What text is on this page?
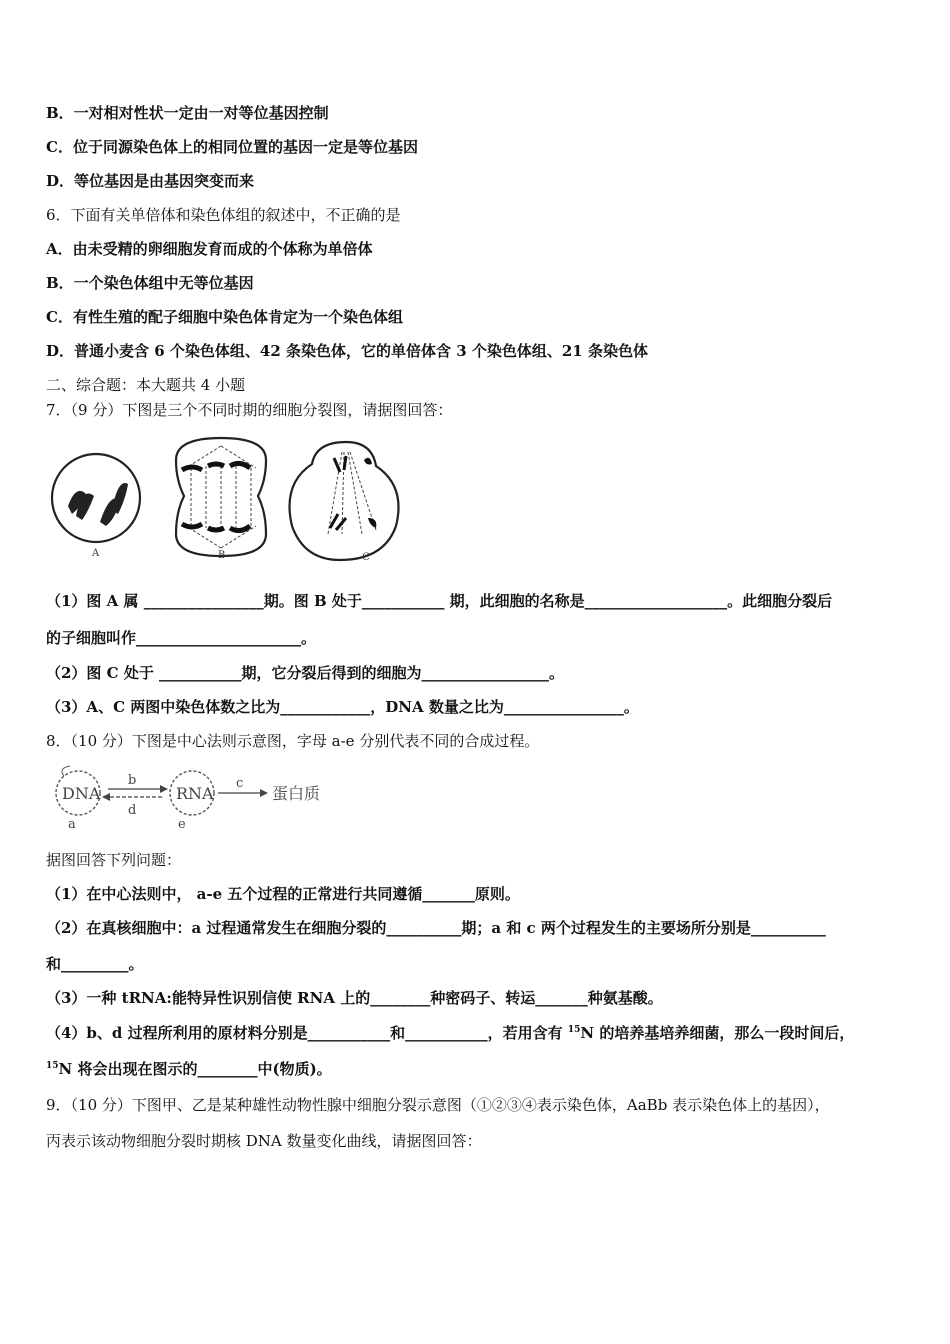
B．一对相对性状一定由一对等位基因控制
C．位于同源染色体上的相同位置的基因一定是等位基因
D．等位基因是由基因突变而来
6．下面有关单倍体和染色体组的叙述中，不正确的是
A．由未受精的卵细胞发育而成的个体称为单倍体
B．一个染色体组中无等位基因
C．有性生殖的配子细胞中染色体肯定为一个染色体组
D．普通小麦含 6 个染色体组、42 条染色体，它的单倍体含 3 个染色体组、21 条染色体
二、综合题：本大题共 4 小题
7．（9 分）下图是三个不同时期的细胞分裂图，请据图回答：
A	B	C
（1）图 A 属 ________________期。图 B 处于___________ 期，此细胞的名称是___________________。此细胞分裂后
的子细胞叫作______________________。
（2）图 C 处于 ___________期，它分裂后得到的细胞为_________________。
（3）A、C 两图中染色体数之比为____________，DNA 数量之比为________________。
8．（10 分）下图是中心法则示意图，字母 a-e 分别代表不同的合成过程。
DNA
b
d
RNA
c
蛋白质
a	e
据图回答下列问题：
（1）在中心法则中， a-e 五个过程的正常进行共同遵循_______原则。
（2）在真核细胞中：a 过程通常发生在细胞分裂的__________期；a 和 c 两个过程发生的主要场所分别是__________
和_________。
（3）一种 tRNA:能特异性识别信使 RNA 上的________种密码子、转运_______种氨基酸。
（4）b、d 过程所利用的原材料分别是___________和___________，若用含有 $^{15}$N 的培养基培养细菌，那么一段时间后，
$^{15}$N 将会出现在图示的________中(物质)。
9．（10 分）下图甲、乙是某种雄性动物性腺中细胞分裂示意图（①②③④表示染色体，AaBb 表示染色体上的基因），
丙表示该动物细胞分裂时期核 DNA 数量变化曲线，请据图回答：
